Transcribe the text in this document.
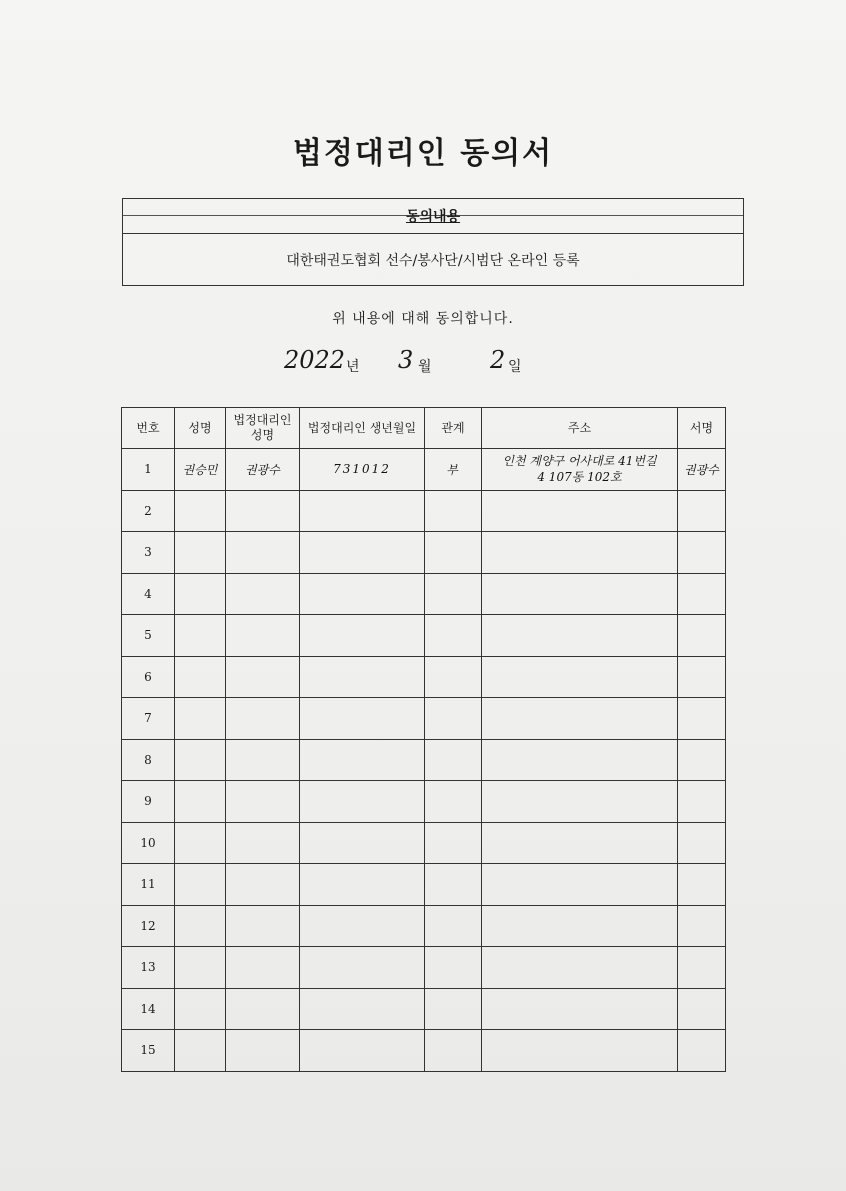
법정대리인 동의서
동의내용
대한태권도협회 선수/봉사단/시범단 온라인 등록
위 내용에 대해 동의합니다.
2022 년 3 월 2 일
번호	성명	법정대리인 성명	법정대리인 생년월일	관계	주소	서명
1	권승민	권광수	731012	부	인천 계양구 어사대로 41번길
4 107동 102호	권광수
2					

3					

4					

5					

6					

7					

8					

9					

10					

11					

12					

13					

14					

15					
